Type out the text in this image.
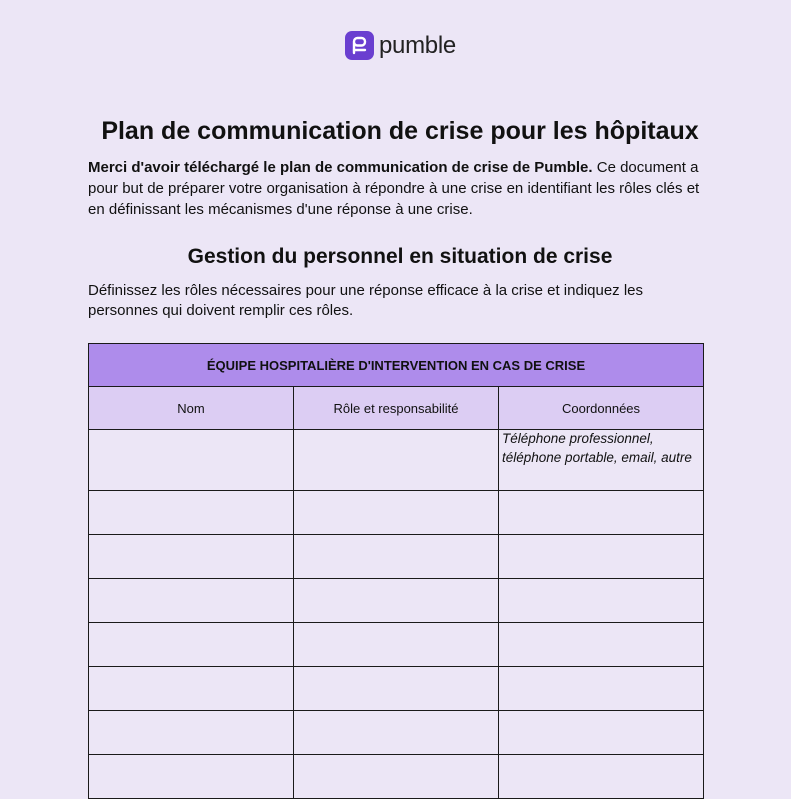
pumble
Plan de communication de crise pour les hôpitaux

Merci d'avoir téléchargé le plan de communication de crise de Pumble. Ce document a pour but de préparer votre organisation à répondre à une crise en identifiant les rôles clés et en définissant les mécanismes d'une réponse à une crise.

Gestion du personnel en situation de crise

Définissez les rôles nécessaires pour une réponse efficace à la crise et indiquez les personnes qui doivent remplir ces rôles.

ÉQUIPE HOSPITALIÈRE D'INTERVENTION EN CAS DE CRISE		
Nom	Rôle et responsabilité	Coordonnées

		Téléphone professionnel, téléphone portable, email, autre
